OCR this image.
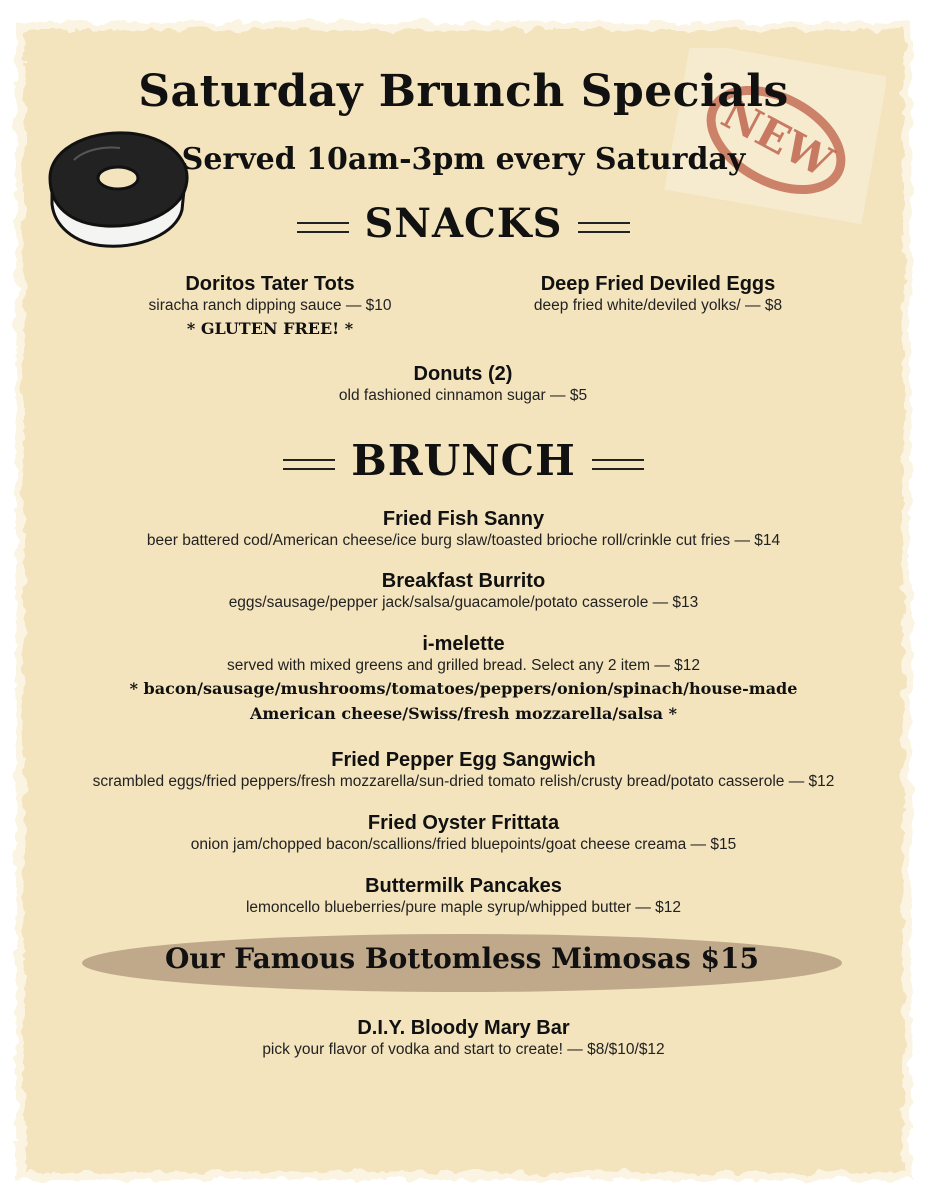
NEW
Saturday Brunch Specials
Served 10am-3pm every Saturday
SNACKS
Doritos Tater Tots
siracha ranch dipping sauce — $10
* GLUTEN FREE! *
Deep Fried Deviled Eggs
deep fried white/deviled yolks/ — $8
Donuts (2)
old fashioned cinnamon sugar — $5
BRUNCH
Fried Fish Sanny
beer battered cod/American cheese/ice burg slaw/toasted brioche roll/crinkle cut fries — $14
Breakfast Burrito
eggs/sausage/pepper jack/salsa/guacamole/potato casserole — $13
i-melette
served with mixed greens and grilled bread. Select any 2 item — $12
* bacon/sausage/mushrooms/tomatoes/peppers/onion/spinach/house-made
American cheese/Swiss/fresh mozzarella/salsa *
Fried Pepper Egg Sangwich
scrambled eggs/fried peppers/fresh mozzarella/sun-dried tomato relish/crusty bread/potato casserole — $12
Fried Oyster Frittata
onion jam/chopped bacon/scallions/fried bluepoints/goat cheese creama — $15
Buttermilk Pancakes
lemoncello blueberries/pure maple syrup/whipped butter — $12
Our Famous Bottomless Mimosas $15
D.I.Y. Bloody Mary Bar
pick your flavor of vodka and start to create! — $8/$10/$12
